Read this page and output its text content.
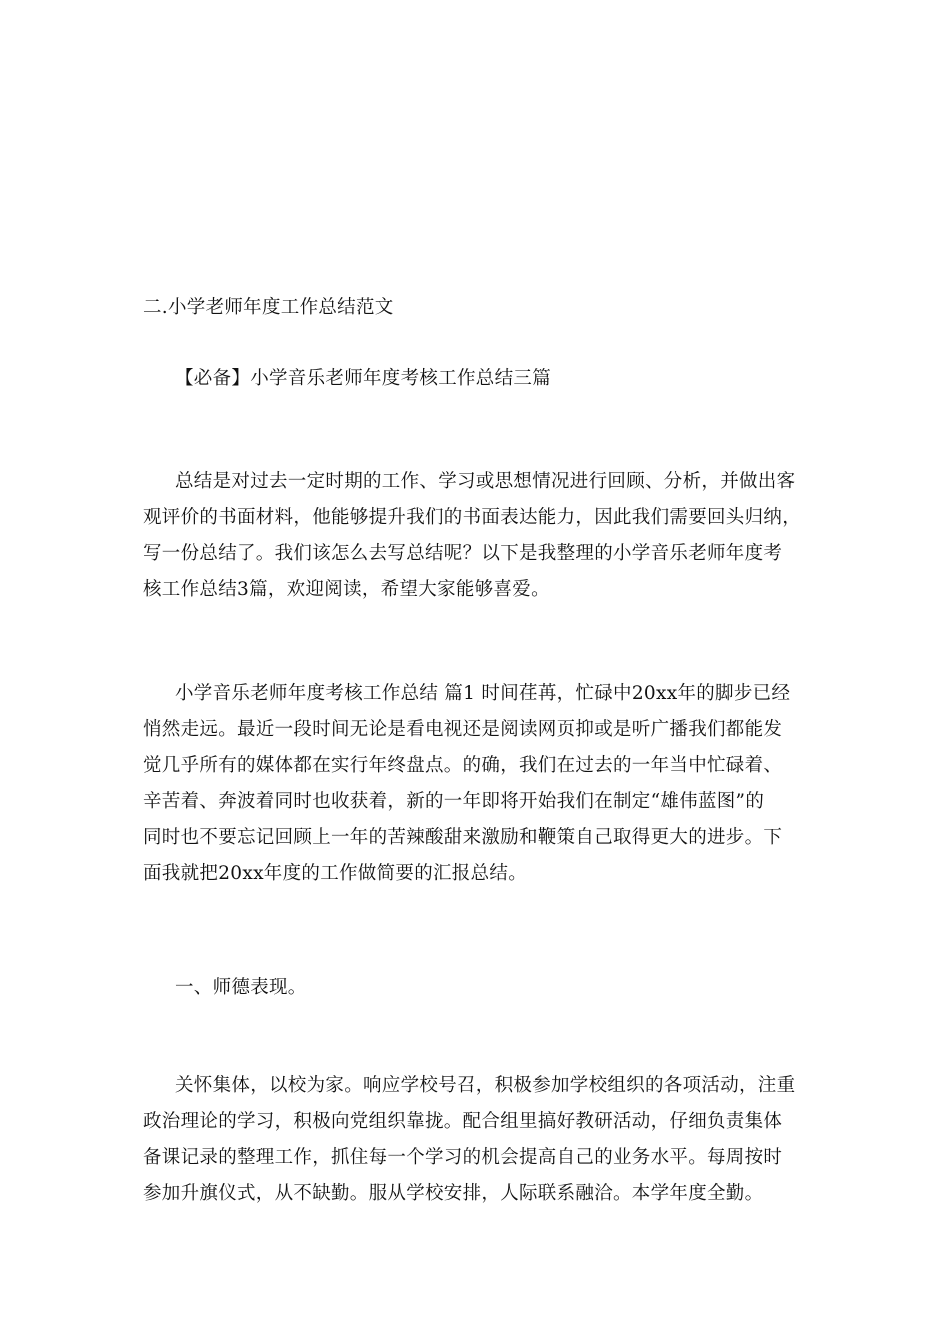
二.小学老师年度工作总结范文
【必备】小学音乐老师年度考核工作总结三篇
总结是对过去一定时期的工作、学习或思想情况进行回顾、分析，并做出客
观评价的书面材料，他能够提升我们的书面表达能力，因此我们需要回头归纳，
写一份总结了。我们该怎么去写总结呢？以下是我整理的小学音乐老师年度考
核工作总结3篇，欢迎阅读，希望大家能够喜爱。
小学音乐老师年度考核工作总结 篇1 时间荏苒，忙碌中20xx年的脚步已经
悄然走远。最近一段时间无论是看电视还是阅读网页抑或是听广播我们都能发
觉几乎所有的媒体都在实行年终盘点。的确，我们在过去的一年当中忙碌着、
辛苦着、奔波着同时也收获着，新的一年即将开始我们在制定“雄伟蓝图”的
同时也不要忘记回顾上一年的苦辣酸甜来激励和鞭策自己取得更大的进步。下
面我就把20xx年度的工作做简要的汇报总结。
一、师德表现。
关怀集体，以校为家。响应学校号召，积极参加学校组织的各项活动，注重
政治理论的学习，积极向党组织靠拢。配合组里搞好教研活动，仔细负责集体
备课记录的整理工作，抓住每一个学习的机会提高自己的业务水平。每周按时
参加升旗仪式，从不缺勤。服从学校安排，人际联系融洽。本学年度全勤。
